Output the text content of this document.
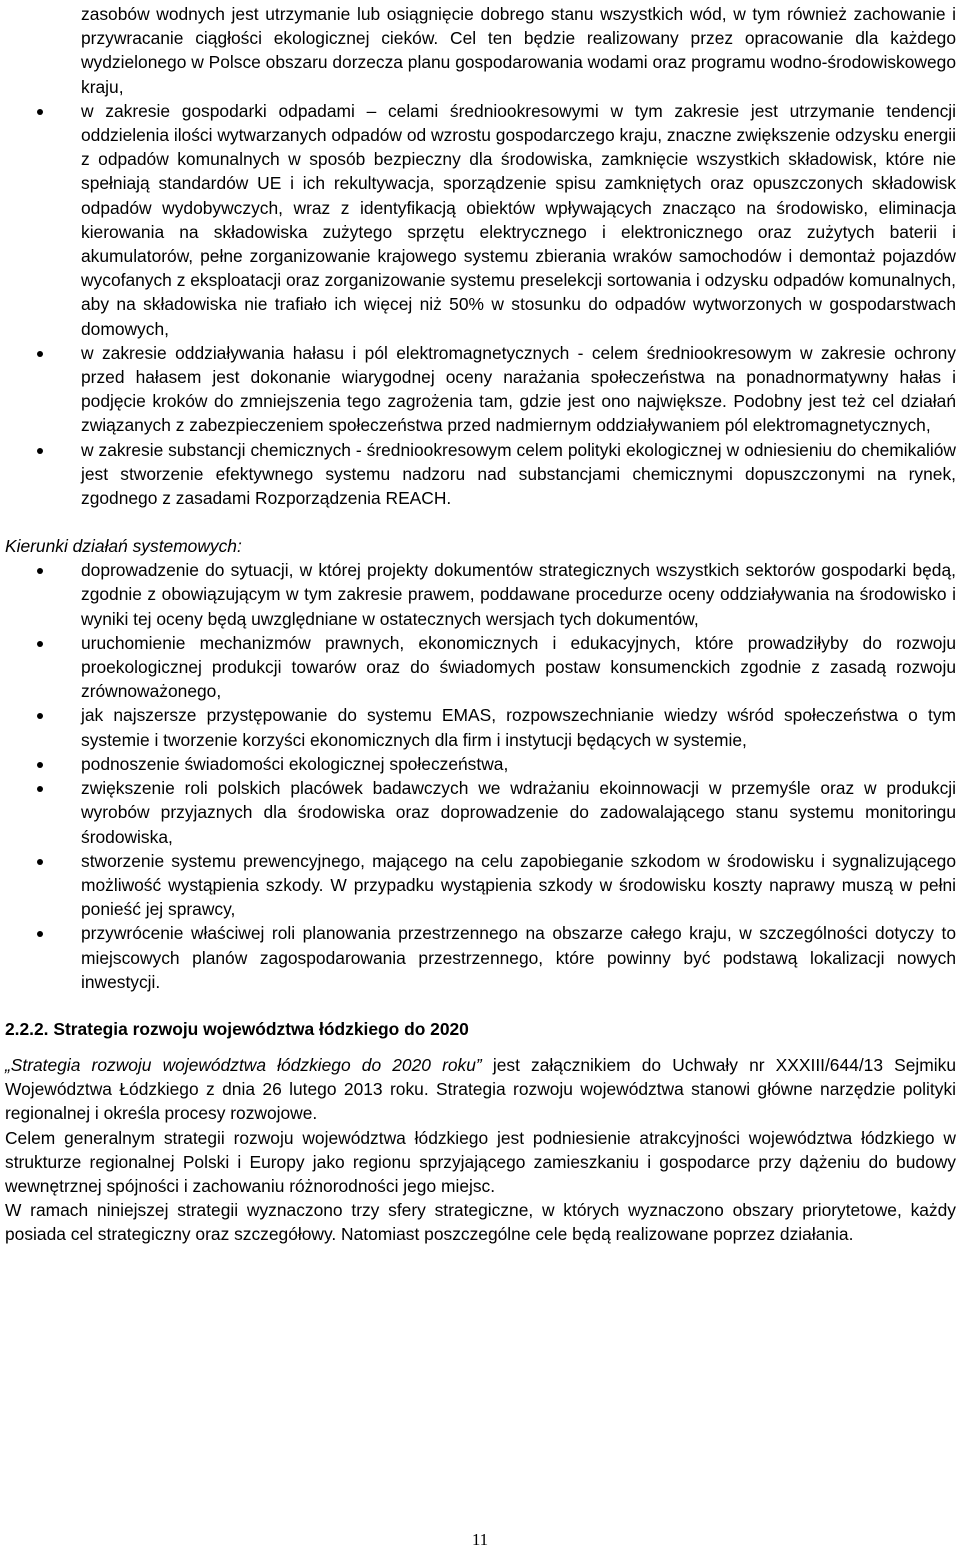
zasobów wodnych jest utrzymanie lub osiągnięcie dobrego stanu wszystkich wód, w tym również zachowanie i przywracanie ciągłości ekologicznej cieków. Cel ten będzie realizowany przez opracowanie dla każdego wydzielonego w Polsce obszaru dorzecza planu gospodarowania wodami oraz programu wodno-środowiskowego kraju,
w zakresie gospodarki odpadami – celami średniookresowymi w tym zakresie jest utrzymanie tendencji oddzielenia ilości wytwarzanych odpadów od wzrostu gospodarczego kraju, znaczne zwiększenie odzysku energii z odpadów komunalnych w sposób bezpieczny dla środowiska, zamknięcie wszystkich składowisk, które nie spełniają standardów UE i ich rekultywacja, sporządzenie spisu zamkniętych oraz opuszczonych składowisk odpadów wydobywczych, wraz z identyfikacją obiektów wpływających znacząco na środowisko, eliminacja kierowania na składowiska zużytego sprzętu elektrycznego i elektronicznego oraz zużytych baterii i akumulatorów, pełne zorganizowanie krajowego systemu zbierania wraków samochodów i demontaż pojazdów wycofanych z eksploatacji oraz zorganizowanie systemu preselekcji sortowania i odzysku odpadów komunalnych, aby na składowiska nie trafiało ich więcej niż 50% w stosunku do odpadów wytworzonych w gospodarstwach domowych,
w zakresie oddziaływania hałasu i pól elektromagnetycznych - celem średniookresowym w zakresie ochrony przed hałasem jest dokonanie wiarygodnej oceny narażania społeczeństwa na ponadnormatywny hałas i podjęcie kroków do zmniejszenia tego zagrożenia tam, gdzie jest ono największe. Podobny jest też cel działań związanych z zabezpieczeniem społeczeństwa przed nadmiernym oddziaływaniem pól elektromagnetycznych,
w zakresie substancji chemicznych - średniookresowym celem polityki ekologicznej w odniesieniu do chemikaliów jest stworzenie efektywnego systemu nadzoru nad substancjami chemicznymi dopuszczonymi na rynek, zgodnego z zasadami Rozporządzenia REACH.

Kierunki działań systemowych:

doprowadzenie do sytuacji, w której projekty dokumentów strategicznych wszystkich sektorów gospodarki będą, zgodnie z obowiązującym w tym zakresie prawem, poddawane procedurze oceny oddziaływania na środowisko i wyniki tej oceny będą uwzględniane w ostatecznych wersjach tych dokumentów,
uruchomienie mechanizmów prawnych, ekonomicznych i edukacyjnych, które prowadziłyby do rozwoju proekologicznej produkcji towarów oraz do świadomych postaw konsumenckich zgodnie z zasadą rozwoju zrównoważonego,
jak najszersze przystępowanie do systemu EMAS, rozpowszechnianie wiedzy wśród społeczeństwa o tym systemie i tworzenie korzyści ekonomicznych dla firm i instytucji będących w systemie,
podnoszenie świadomości ekologicznej społeczeństwa,
zwiększenie roli polskich placówek badawczych we wdrażaniu ekoinnowacji w przemyśle oraz w produkcji wyrobów przyjaznych dla środowiska oraz doprowadzenie do zadowalającego stanu systemu monitoringu środowiska,
stworzenie systemu prewencyjnego, mającego na celu zapobieganie szkodom w środowisku i sygnalizującego możliwość wystąpienia szkody. W przypadku wystąpienia szkody w środowisku koszty naprawy muszą w pełni ponieść jej sprawcy,
przywrócenie właściwej roli planowania przestrzennego na obszarze całego kraju, w szczególności dotyczy to miejscowych planów zagospodarowania przestrzennego, które powinny być podstawą lokalizacji nowych inwestycji.

2.2.2. Strategia rozwoju województwa łódzkiego do 2020

„Strategia rozwoju województwa łódzkiego do 2020 roku” jest załącznikiem do Uchwały nr XXXIII/644/13 Sejmiku Województwa Łódzkiego z dnia 26 lutego 2013 roku. Strategia rozwoju województwa stanowi główne narzędzie polityki regionalnej i określa procesy rozwojowe.

Celem generalnym strategii rozwoju województwa łódzkiego jest podniesienie atrakcyjności województwa łódzkiego w strukturze regionalnej Polski i Europy jako regionu sprzyjającego zamieszkaniu i gospodarce przy dążeniu do budowy wewnętrznej spójności i zachowaniu różnorodności jego miejsc.

W ramach niniejszej strategii wyznaczono trzy sfery strategiczne, w których wyznaczono obszary priorytetowe, każdy posiada cel strategiczny oraz szczegółowy. Natomiast poszczególne cele będą realizowane poprzez działania.

11
